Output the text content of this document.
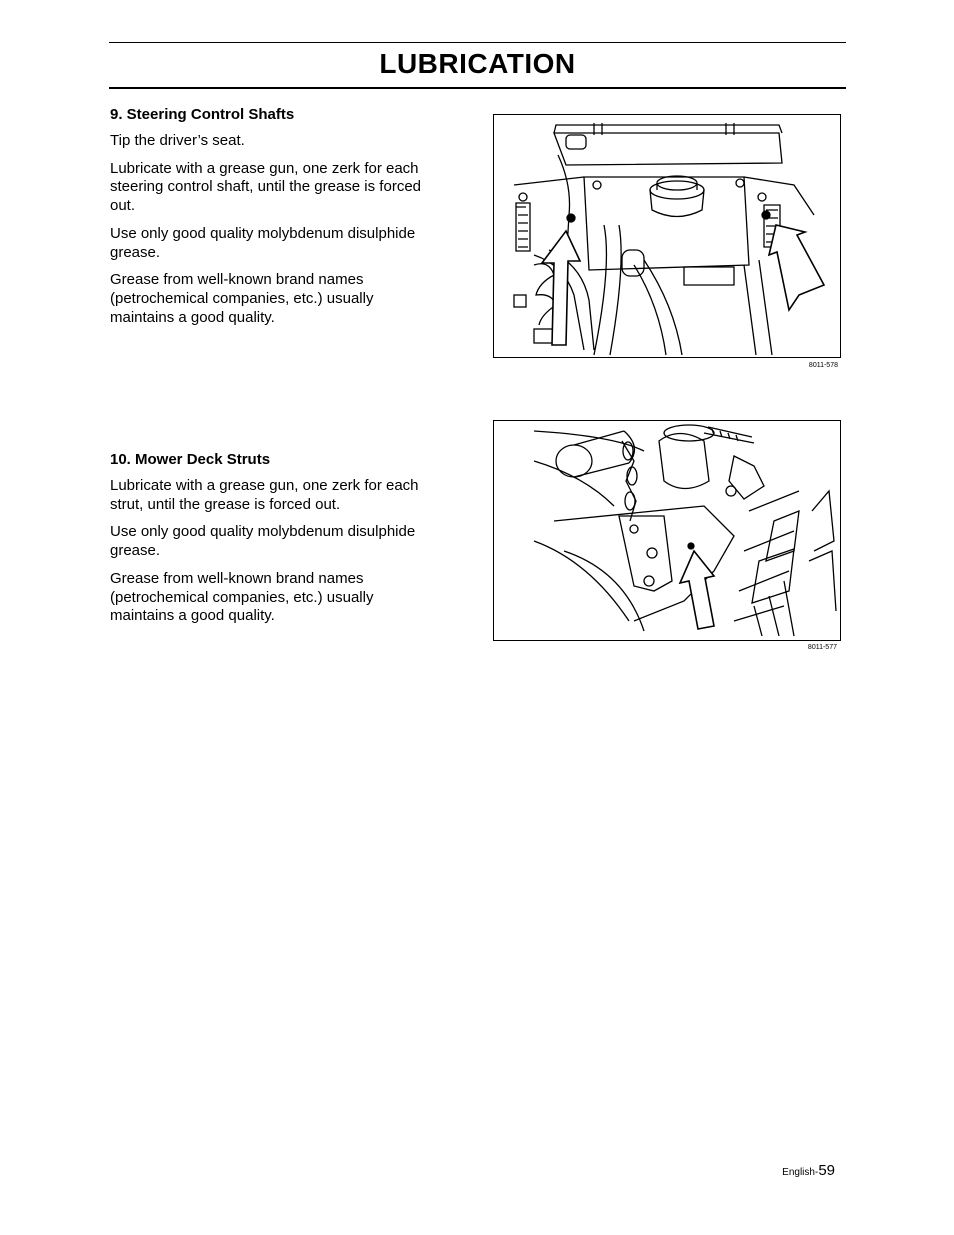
LUBRICATION
9. Steering Control Shafts

Tip the driver’s seat.

Lubricate with a grease gun, one zerk for each steering control shaft, until the grease is forced out.

Use only good quality molybdenum disulphide grease.

Grease from well-known brand names (petrochemical companies, etc.) usually maintains a good quality.

8011-578
10. Mower Deck Struts

Lubricate with a grease gun, one zerk for each strut, until the grease is forced out.

Use only good quality molybdenum disulphide grease.

Grease from well-known brand names (petrochemical companies, etc.) usually maintains a good quality.

8011-577
English-59
